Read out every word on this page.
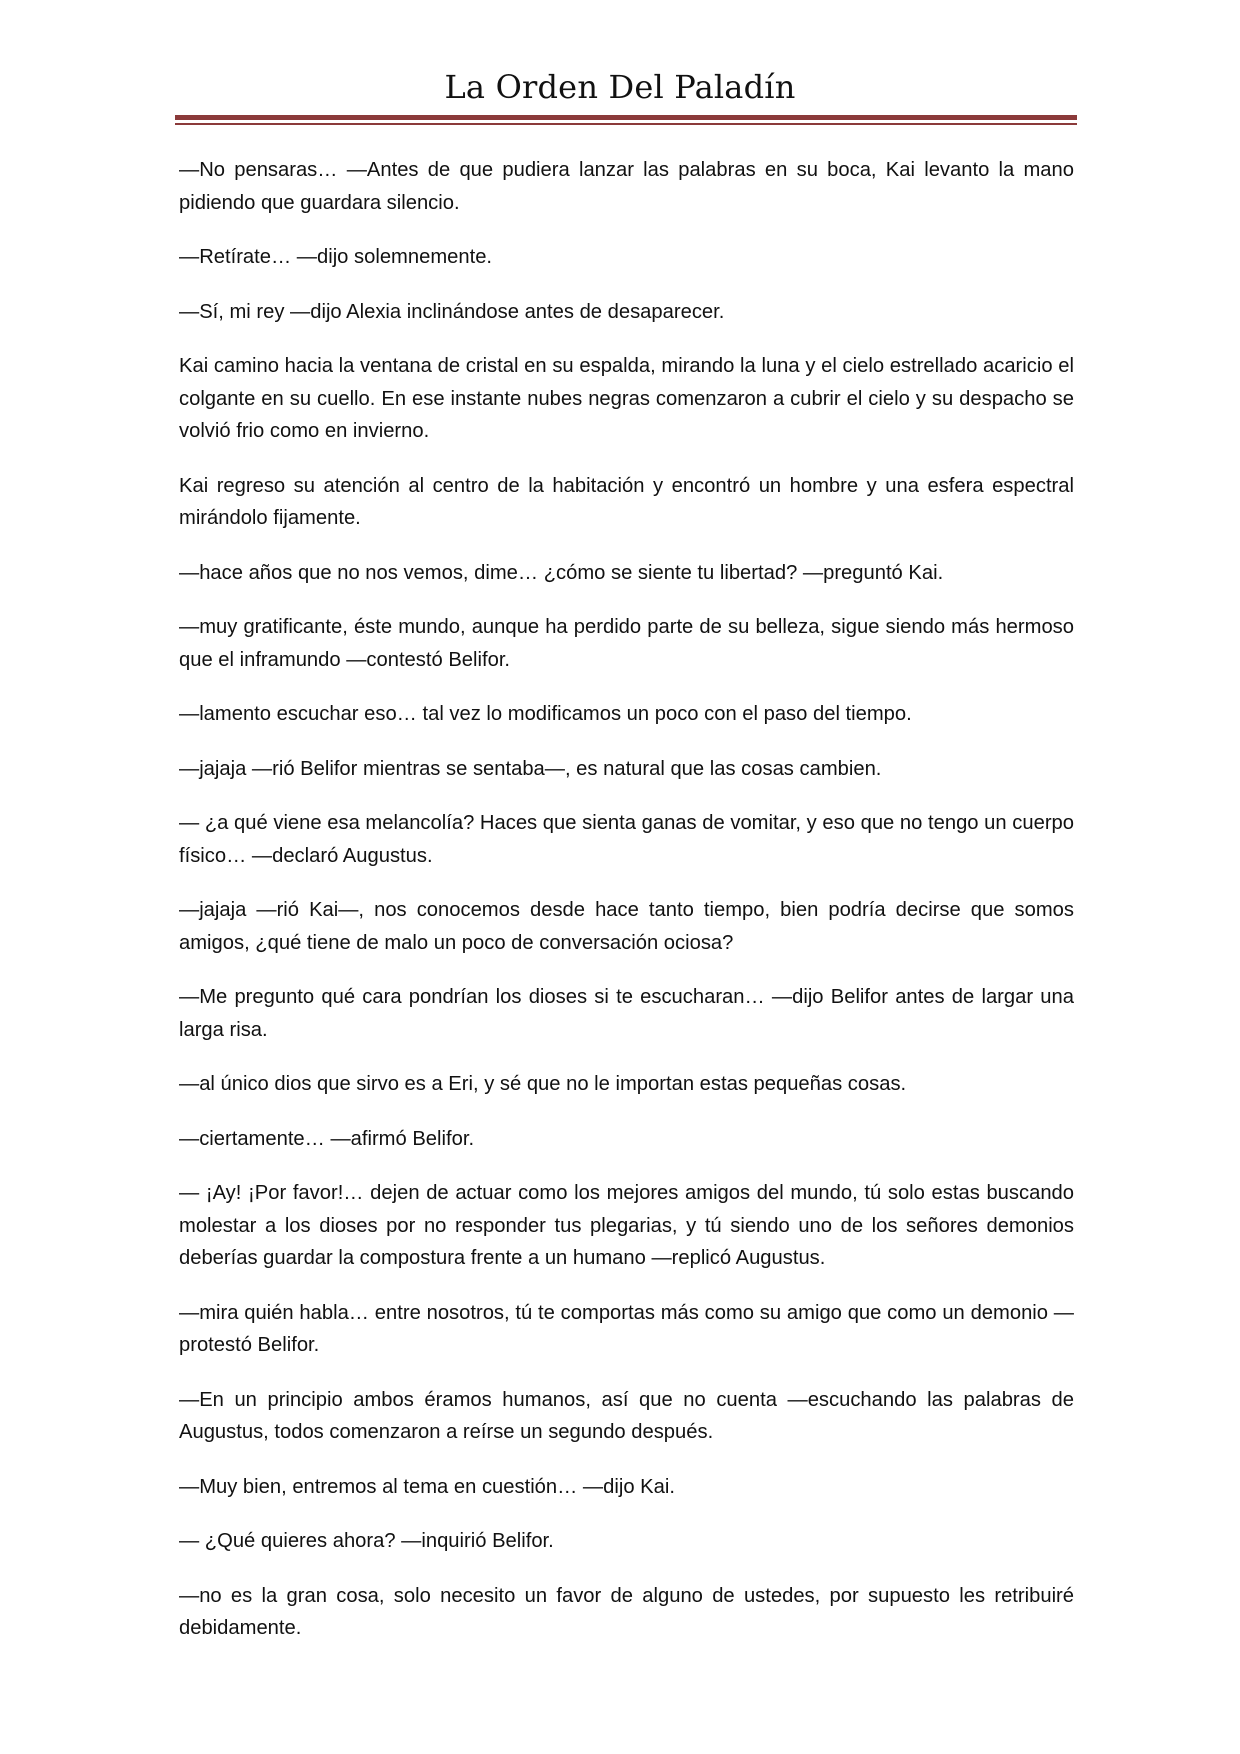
La Orden Del Paladín

—No pensaras… —Antes de que pudiera lanzar las palabras en su boca, Kai levanto la mano pidiendo que guardara silencio.

—Retírate… —dijo solemnemente.

—Sí, mi rey —dijo Alexia inclinándose antes de desaparecer.

Kai camino hacia la ventana de cristal en su espalda, mirando la luna y el cielo estrellado acaricio el colgante en su cuello. En ese instante nubes negras comenzaron a cubrir el cielo y su despacho se volvió frio como en invierno.

Kai regreso su atención al centro de la habitación y encontró un hombre y una esfera espectral mirándolo fijamente.

—hace años que no nos vemos, dime… ¿cómo se siente tu libertad? —preguntó Kai.

—muy gratificante, éste mundo, aunque ha perdido parte de su belleza, sigue siendo más hermoso que el inframundo —contestó Belifor.

—lamento escuchar eso… tal vez lo modificamos un poco con el paso del tiempo.

—jajaja —rió Belifor mientras se sentaba—, es natural que las cosas cambien.

— ¿a qué viene esa melancolía? Haces que sienta ganas de vomitar, y eso que no tengo un cuerpo físico… —declaró Augustus.

—jajaja —rió Kai—, nos conocemos desde hace tanto tiempo, bien podría decirse que somos amigos, ¿qué tiene de malo un poco de conversación ociosa?

—Me pregunto qué cara pondrían los dioses si te escucharan… —dijo Belifor antes de largar una larga risa.

—al único dios que sirvo es a Eri, y sé que no le importan estas pequeñas cosas.

—ciertamente… —afirmó Belifor.

— ¡Ay! ¡Por favor!… dejen de actuar como los mejores amigos del mundo, tú solo estas buscando molestar a los dioses por no responder tus plegarias, y tú siendo uno de los señores demonios deberías guardar la compostura frente a un humano —replicó Augustus.

—mira quién habla… entre nosotros, tú te comportas más como su amigo que como un demonio —protestó Belifor.

—En un principio ambos éramos humanos, así que no cuenta —escuchando las palabras de Augustus, todos comenzaron a reírse un segundo después.

—Muy bien, entremos al tema en cuestión… —dijo Kai.

— ¿Qué quieres ahora? —inquirió Belifor.

—no es la gran cosa, solo necesito un favor de alguno de ustedes, por supuesto les retribuiré debidamente.
